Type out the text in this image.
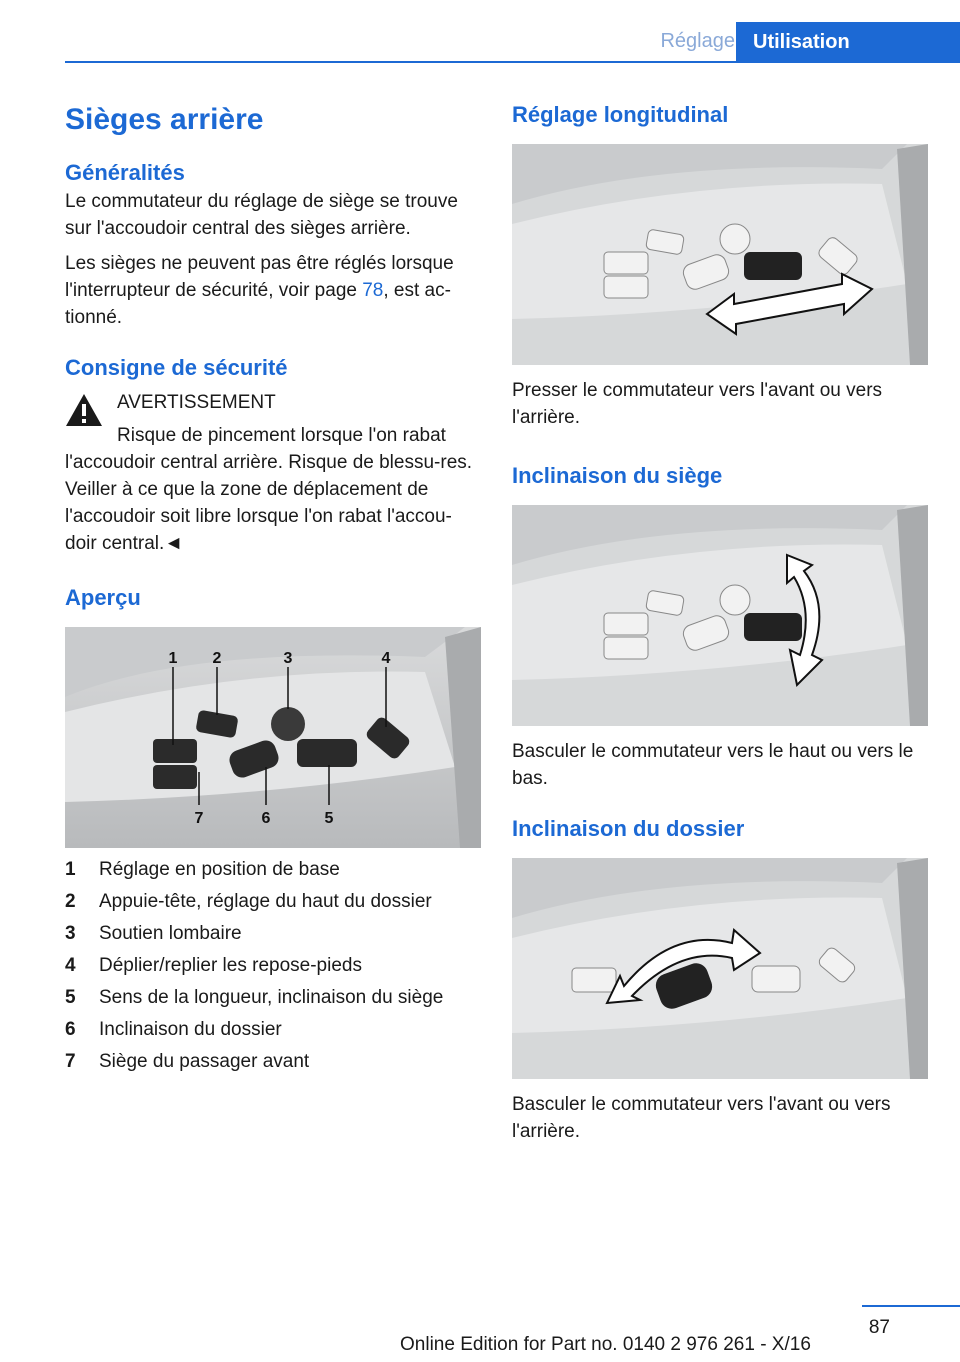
Réglage Utilisation
Sièges arrière
Généralités

Le commutateur du réglage de siège se trouve sur l'accoudoir central des sièges arrière.

Les sièges ne peuvent pas être réglés lorsque l'interrupteur de sécurité, voir page 78, est ac-tionné.

Consigne de sécurité

AVERTISSEMENT

Risque de pincement lorsque l'on rabat l'accoudoir central arrière. Risque de blessu-res. Veiller à ce que la zone de déplacement de l'accoudoir soit libre lorsque l'on rabat l'accou-doir central.◄

Aperçu
1 2	3	4
7	6	5
1	Réglage en position de base
2	Appuie-tête, réglage du haut du dossier
3	Soutien lombaire
4	Déplier/replier les repose-pieds
5	Sens de la longueur, inclinaison du siège
6	Inclinaison du dossier
7	Siège du passager avant
Réglage longitudinal

Presser le commutateur vers l'avant ou vers l'arrière.

Inclinaison du siège

Basculer le commutateur vers le haut ou vers le bas.

Inclinaison du dossier

Basculer le commutateur vers l'avant ou vers l'arrière.

87
Online Edition for Part no. 0140 2 976 261 - X/16
